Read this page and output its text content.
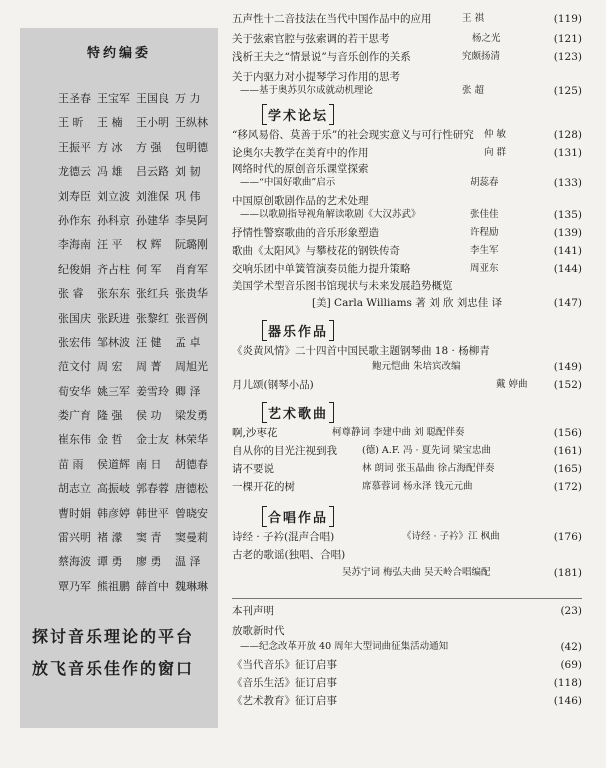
特约编委
王圣春 王宝军 王国良 万 力
王 昕	王 楠	王小明 王纵林
王振平 方 冰	方 强	包明德
龙德云 冯 雄	吕云路 刘 韧
刘寿臣 刘立波 刘淮保 巩 伟
孙作东 孙科京 孙建华 李昊阿
李海南 汪 平	权 辉	阮璐刚
纪俊娟 齐占柱 何 军	肖育军
张 睿	张东东 张红兵 张贵华
张国庆 张跃进 张黎红 张晋例
张宏伟 邹林波 汪 健	孟 卓
范文付 周 宏	周 菁	周旭光
荀安华 姚三军 姜雪玲 卿 泽
娄广育 隆 强	侯 功	梁发勇
崔东伟 金 哲	金士友 林荣华
苗 雨	侯道辉 南 日	胡德春
胡志立 高振岐 郭春蓉 唐德松
曹时娟 韩彦婷 韩世平 曾晓安
雷兴明 褚 濛	窦 青	窦曼莉
蔡海波 谭 勇	廖 勇	温 泽
覃乃军 熊祖鹏 薛首中 魏琳琳
探讨音乐理论的平台
放飞音乐佳作的窗口
五声性十二音技法在当代中国作品中的应用	王 祺	(119)
关于弦索官腔与弦索调的若干思考	杨之光	(121)
浅析王夫之“情景说”与音乐创作的关系	究颇扬清	(123)
关于内驱力对小提琴学习作用的思考
——基于奥苏贝尔成就动机理论	张 超	(125)
学术论坛
“移风易俗、莫善于乐”的社会现实意义与可行性研究 仲 敏	(128)
论奥尔夫教学在美育中的作用	向 群	(131)
网络时代的原创音乐课堂探索
——“中国好歌曲”启示	胡蕊春	(133)
中国原创歌剧作品的艺术处理
——以歌剧指导视角解读歌剧《大汉苏武》	张佳佳	(135)
抒情性警察歌曲的音乐形象塑造	许程励	(139)
歌曲《太阳风》与攀枝花的钢铁传奇	李生军	(141)
交响乐团中单簧管演奏员能力提升策略	周亚东	(144)
美国学术型音乐图书馆现状与未来发展趋势概览
[美] Carla Williams 著 刘 欣 刘忠佳 译	(147)
器乐作品
《炎黄风情》二十四首中国民歌主题钢琴曲 18 · 杨柳青
鲍元恺曲 朱培宾改编	(149)
月儿颂(钢琴小品)	戴 婷曲 (152)
艺术歌曲
啊,沙枣花	柯尊静词 李建中曲 刘 聪配伴奏	(156)
自从你的目光注视到我	(德) A.F. 冯 · 夏先词 梁宝忠曲	(161)
请不要说	林 朗词 张玉晶曲 徐占海配伴奏	(165)
一棵开花的树	席慕蓉词 杨永泽 钱元元曲	(172)
合唱作品
诗经 · 子衿(混声合唱)	《诗经 · 子衿》江 枫曲	(176)
古老的歌谣(独唱、合唱)
吴苏宁词 梅弘夫曲 吴天岭合唱编配	(181)
本刊声明	(23)
放歌新时代
——纪念改革开放 40 周年大型词曲征集活动通知	(42)
《当代音乐》征订启事	(69)
《音乐生活》征订启事	(118)
《艺术教育》征订启事	(146)
